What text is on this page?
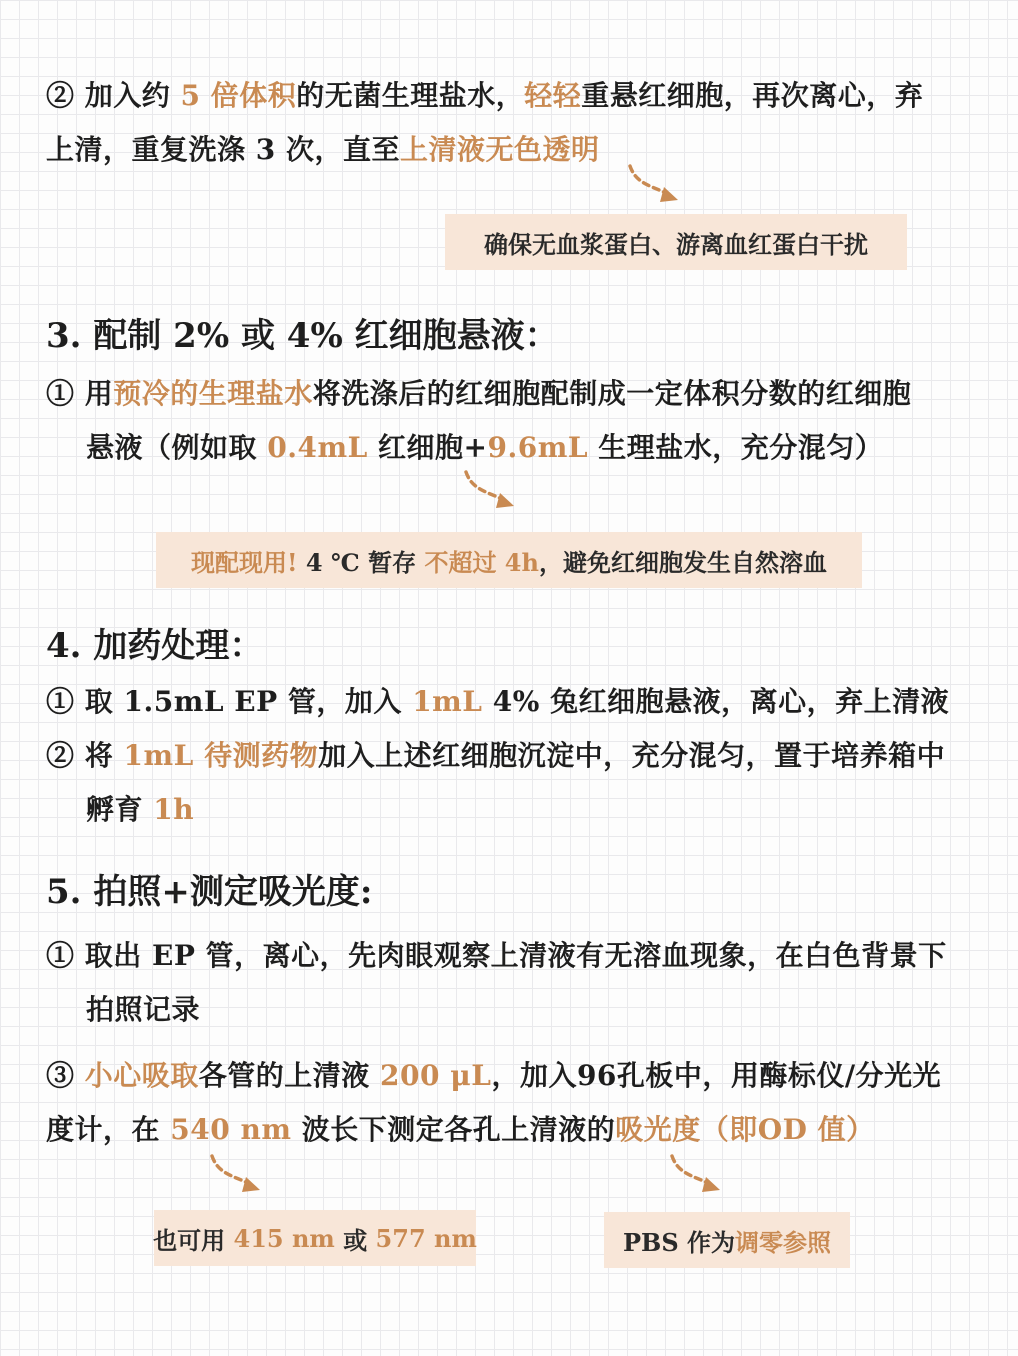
② 加入约 5 倍体积的无菌生理盐水，轻轻重悬红细胞，再次离心，弃
上清，重复洗涤 3 次，直至上清液无色透明
确保无血浆蛋白、游离血红蛋白干扰
3. 配制 2% 或 4% 红细胞悬液：
① 用预冷的生理盐水将洗涤后的红细胞配制成一定体积分数的红细胞
悬液（例如取 0.4mL 红细胞+9.6mL 生理盐水，充分混匀）
现配现用!
4 ℃ 暂存
不超过 4h ，避免红细胞发生自然溶血
4. 加药处理：
① 取 1.5mL EP 管，加入 1mL 4% 兔红细胞悬液，离心，弃上清液
② 将 1mL 待测药物加入上述红细胞沉淀中，充分混匀，置于培养箱中
孵育 1h
5. 拍照+测定吸光度:
① 取出 EP 管，离心，先肉眼观察上清液有无溶血现象，在白色背景下
拍照记录
③ 小心吸取各管的上清液 200 μL，加入96孔板中，用酶标仪/分光光
度计，在 540 nm 波长下测定各孔上清液的吸光度（即OD 值）
也可用
415 nm
或
577 nm	PBS 作为 调零参照
